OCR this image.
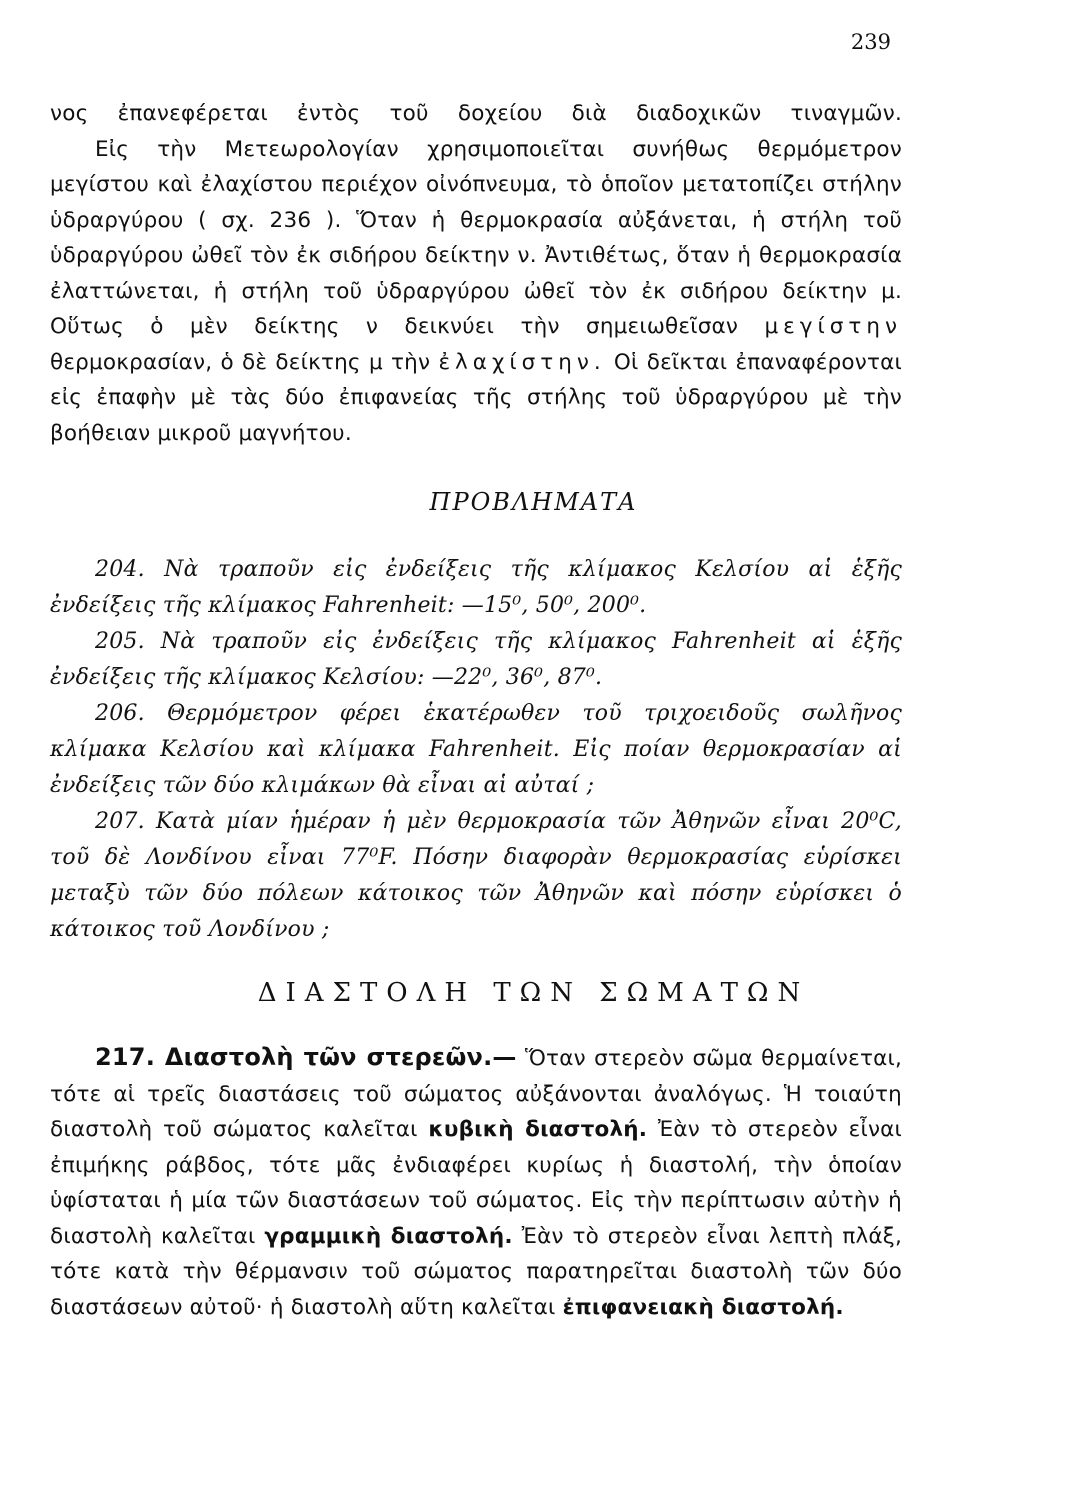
239

νος ἐπανεφέρεται ἐντὸς τοῦ δοχείου διὰ διαδοχικῶν τιναγμῶν.

Εἰς τὴν Μετεωρολογίαν χρησιμοποιεῖται συνήθως θερμόμετρον μεγίστου καὶ ἐλαχίστου περιέχον οἰνόπνευμα, τὸ ὁποῖον μετατοπίζει στήλην ὑδραργύρου ( σχ. 236 ). Ὅταν ἡ θερμοκρασία αὐξάνεται, ἡ στήλη τοῦ ὑδραργύρου ὠθεῖ τὸν ἐκ σιδήρου δείκτην ν. Ἀντιθέτως, ὅταν ἡ θερμοκρασία ἐλαττώνεται, ἡ στήλη τοῦ ὑδραργύρου ὠθεῖ τὸν ἐκ σιδήρου δείκτην μ. Οὕτως ὁ μὲν δείκτης ν δεικνύει τὴν σημειωθεῖσαν μεγίστην θερμοκρασίαν, ὁ δὲ δείκτης μ τὴν ἐλαχίστην. Οἱ δεῖκται ἐπαναφέρονται εἰς ἐπαφὴν μὲ τὰς δύο ἐπιφανείας τῆς στήλης τοῦ ὑδραργύρου μὲ τὴν βοήθειαν μικροῦ μαγνήτου.

ΠΡΟΒΛΗΜΑΤΑ

204. Νὰ τραποῦν εἰς ἐνδείξεις τῆς κλίμακος Κελσίου αἱ ἑξῆς ἐνδείξεις τῆς κλίμακος Fahrenheit: —15⁰, 50⁰, 200⁰.

205. Νὰ τραποῦν εἰς ἐνδείξεις τῆς κλίμακος Fahrenheit αἱ ἑξῆς ἐνδείξεις τῆς κλίμακος Κελσίου: —22⁰, 36⁰, 87⁰.

206. Θερμόμετρον φέρει ἑκατέρωθεν τοῦ τριχοειδοῦς σωλῆνος κλίμακα Κελσίου καὶ κλίμακα Fahrenheit. Εἰς ποίαν θερμοκρασίαν αἱ ἐνδείξεις τῶν δύο κλιμάκων θὰ εἶναι αἱ αὐταί ;

207. Κατὰ μίαν ἡμέραν ἡ μὲν θερμοκρασία τῶν Ἀθηνῶν εἶναι 20⁰C, τοῦ δὲ Λονδίνου εἶναι 77⁰F. Πόσην διαφορὰν θερμοκρασίας εὑρίσκει μεταξὺ τῶν δύο πόλεων κάτοικος τῶν Ἀθηνῶν καὶ πόσην εὑρίσκει ὁ κάτοικος τοῦ Λονδίνου ;

ΔΙΑΣΤΟΛΗ ΤΩΝ ΣΩΜΑΤΩΝ

217. Διαστολὴ τῶν στερεῶν.— Ὅταν στερεὸν σῶμα θερμαίνεται, τότε αἱ τρεῖς διαστάσεις τοῦ σώματος αὐξάνονται ἀναλόγως. Ἡ τοιαύτη διαστολὴ τοῦ σώματος καλεῖται κυβικὴ διαστολή. Ἐὰν τὸ στερεὸν εἶναι ἐπιμήκης ράβδος, τότε μᾶς ἐνδιαφέρει κυρίως ἡ διαστολή, τὴν ὁποίαν ὑφίσταται ἡ μία τῶν διαστάσεων τοῦ σώματος. Εἰς τὴν περίπτωσιν αὐτὴν ἡ διαστολὴ καλεῖται γραμμικὴ διαστολή. Ἐὰν τὸ στερεὸν εἶναι λεπτὴ πλάξ, τότε κατὰ τὴν θέρμανσιν τοῦ σώματος παρατηρεῖται διαστολὴ τῶν δύο διαστάσεων αὐτοῦ· ἡ διαστολὴ αὕτη καλεῖται ἐπιφανειακὴ διαστολή.
